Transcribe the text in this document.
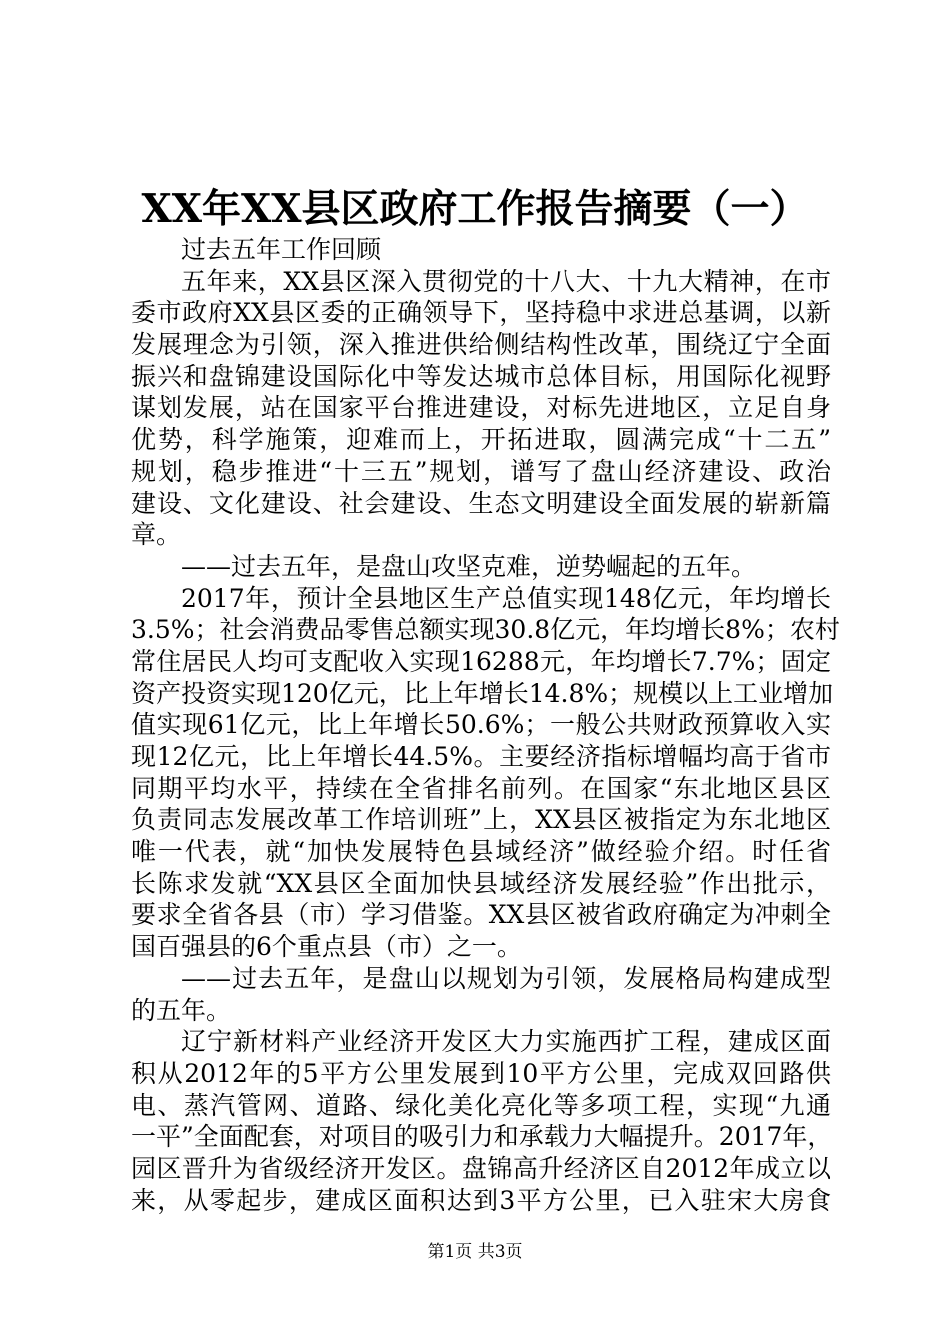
XX年XX县区政府工作报告摘要（一）
过去五年工作回顾
五年来，XX县区深入贯彻党的十八大、十九大精神，在市
委市政府XX县区委的正确领导下，坚持稳中求进总基调，以新
发展理念为引领，深入推进供给侧结构性改革，围绕辽宁全面
振兴和盘锦建设国际化中等发达城市总体目标，用国际化视野
谋划发展，站在国家平台推进建设，对标先进地区，立足自身
优势，科学施策，迎难而上，开拓进取，圆满完成“十二五”
规划，稳步推进“十三五”规划，谱写了盘山经济建设、政治
建设、文化建设、社会建设、生态文明建设全面发展的崭新篇
章。
——过去五年，是盘山攻坚克难，逆势崛起的五年。
2017年，预计全县地区生产总值实现148亿元，年均增长
3.5%；社会消费品零售总额实现30.8亿元，年均增长8%；农村
常住居民人均可支配收入实现16288元，年均增长7.7%；固定
资产投资实现120亿元，比上年增长14.8%；规模以上工业增加
值实现61亿元，比上年增长50.6%；一般公共财政预算收入实
现12亿元，比上年增长44.5%。主要经济指标增幅均高于省市
同期平均水平，持续在全省排名前列。在国家“东北地区县区
负责同志发展改革工作培训班”上，XX县区被指定为东北地区
唯一代表，就“加快发展特色县域经济”做经验介绍。时任省
长陈求发就“XX县区全面加快县域经济发展经验”作出批示，
要求全省各县（市）学习借鉴。XX县区被省政府确定为冲刺全
国百强县的6个重点县（市）之一。
——过去五年，是盘山以规划为引领，发展格局构建成型
的五年。
辽宁新材料产业经济开发区大力实施西扩工程，建成区面
积从2012年的5平方公里发展到10平方公里，完成双回路供
电、蒸汽管网、道路、绿化美化亮化等多项工程，实现“九通
一平”全面配套，对项目的吸引力和承载力大幅提升。2017年，
园区晋升为省级经济开发区。盘锦高升经济区自2012年成立以
来，从零起步，建成区面积达到3平方公里，已入驻宋大房食
第1页 共3页
